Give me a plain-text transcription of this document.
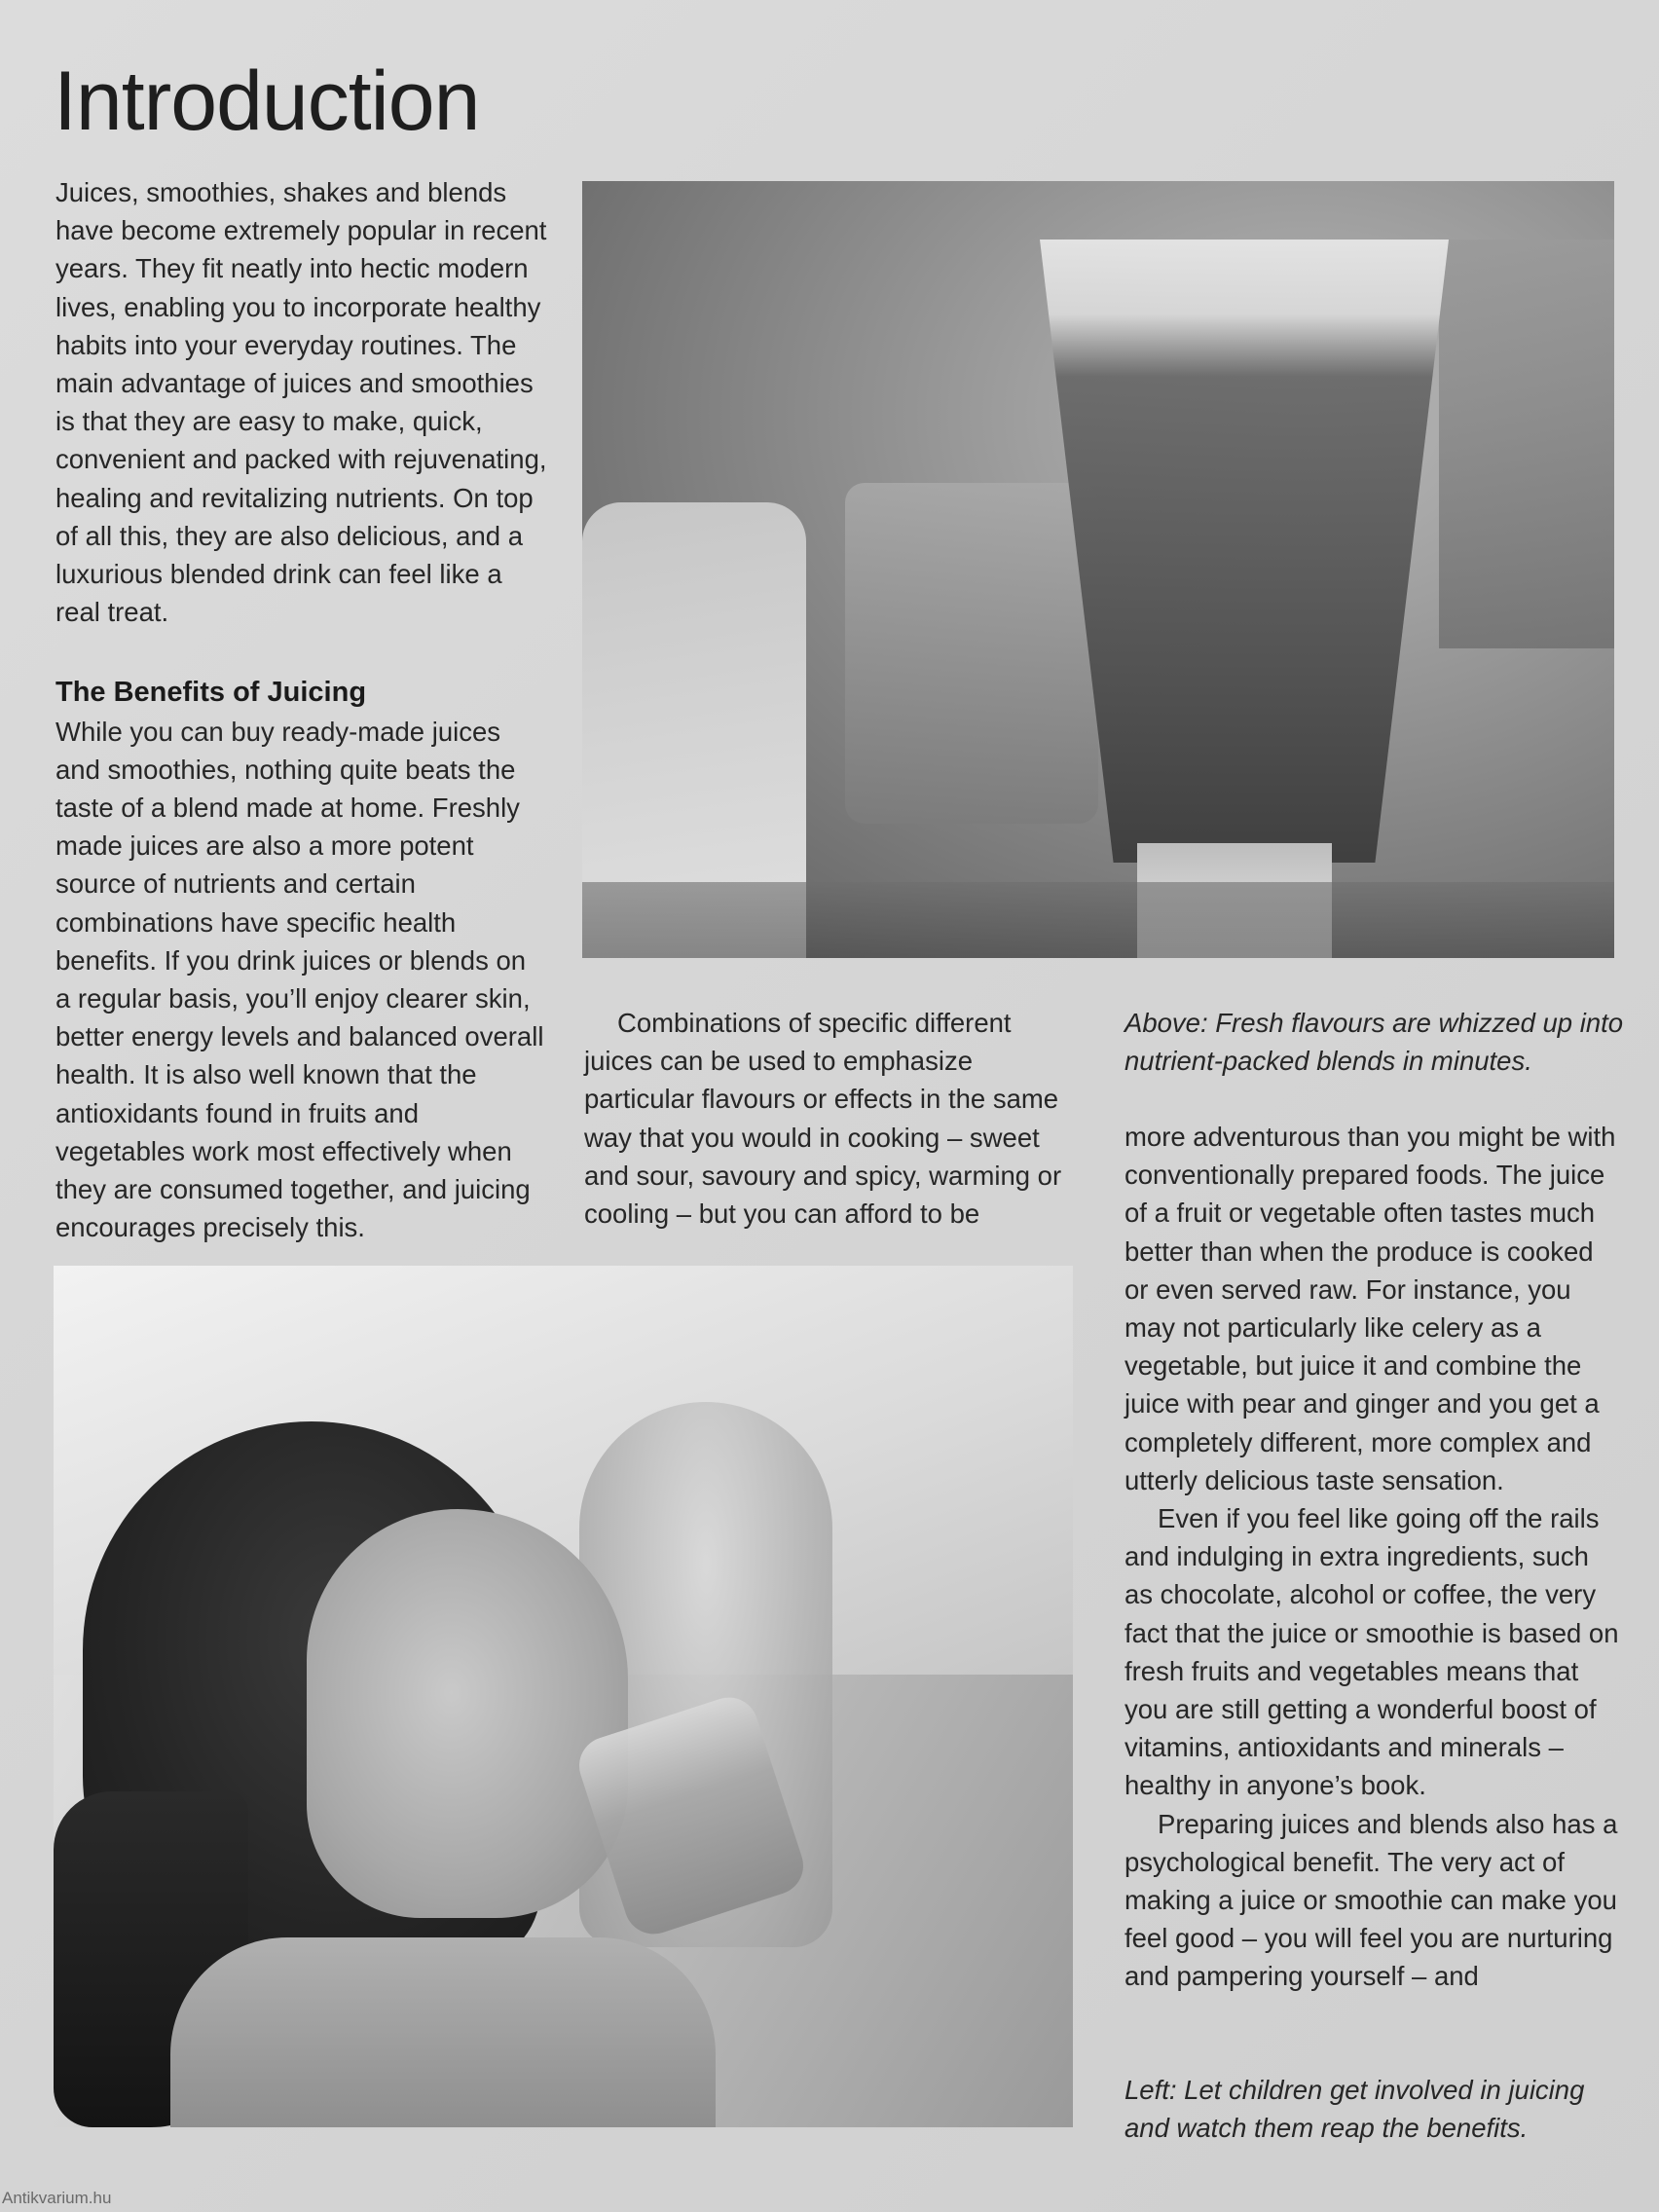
Introduction

Juices, smoothies, shakes and blends have become extremely popular in recent years. They fit neatly into hectic modern lives, enabling you to incorporate healthy habits into your everyday routines. The main advantage of juices and smoothies is that they are easy to make, quick, convenient and packed with rejuvenating, healing and revitalizing nutrients. On top of all this, they are also delicious, and a luxurious blended drink can feel like a real treat.

The Benefits of Juicing

While you can buy ready-made juices and smoothies, nothing quite beats the taste of a blend made at home. Freshly made juices are also a more potent source of nutrients and certain combinations have specific health benefits. If you drink juices or blends on a regular basis, you’ll enjoy clearer skin, better energy levels and balanced overall health. It is also well known that the antioxidants found in fruits and vegetables work most effectively when they are consumed together, and juicing encourages precisely this.

Combinations of specific different juices can be used to emphasize particular flavours or effects in the same way that you would in cooking – sweet and sour, savoury and spicy, warming or cooling – but you can afford to be

Above: Fresh flavours are whizzed up into nutrient-packed blends in minutes.

more adventurous than you might be with conventionally prepared foods. The juice of a fruit or vegetable often tastes much better than when the produce is cooked or even served raw. For instance, you may not particularly like celery as a vegetable, but juice it and combine the juice with pear and ginger and you get a completely different, more complex and utterly delicious taste sensation.

Even if you feel like going off the rails and indulging in extra ingredients, such as chocolate, alcohol or coffee, the very fact that the juice or smoothie is based on fresh fruits and vegetables means that you are still getting a wonderful boost of vitamins, antioxidants and minerals – healthy in anyone’s book.

Preparing juices and blends also has a psychological benefit. The very act of making a juice or smoothie can make you feel good – you will feel you are nurturing and pampering yourself – and

Left: Let children get involved in juicing and watch them reap the benefits.
Antikvarium.hu
